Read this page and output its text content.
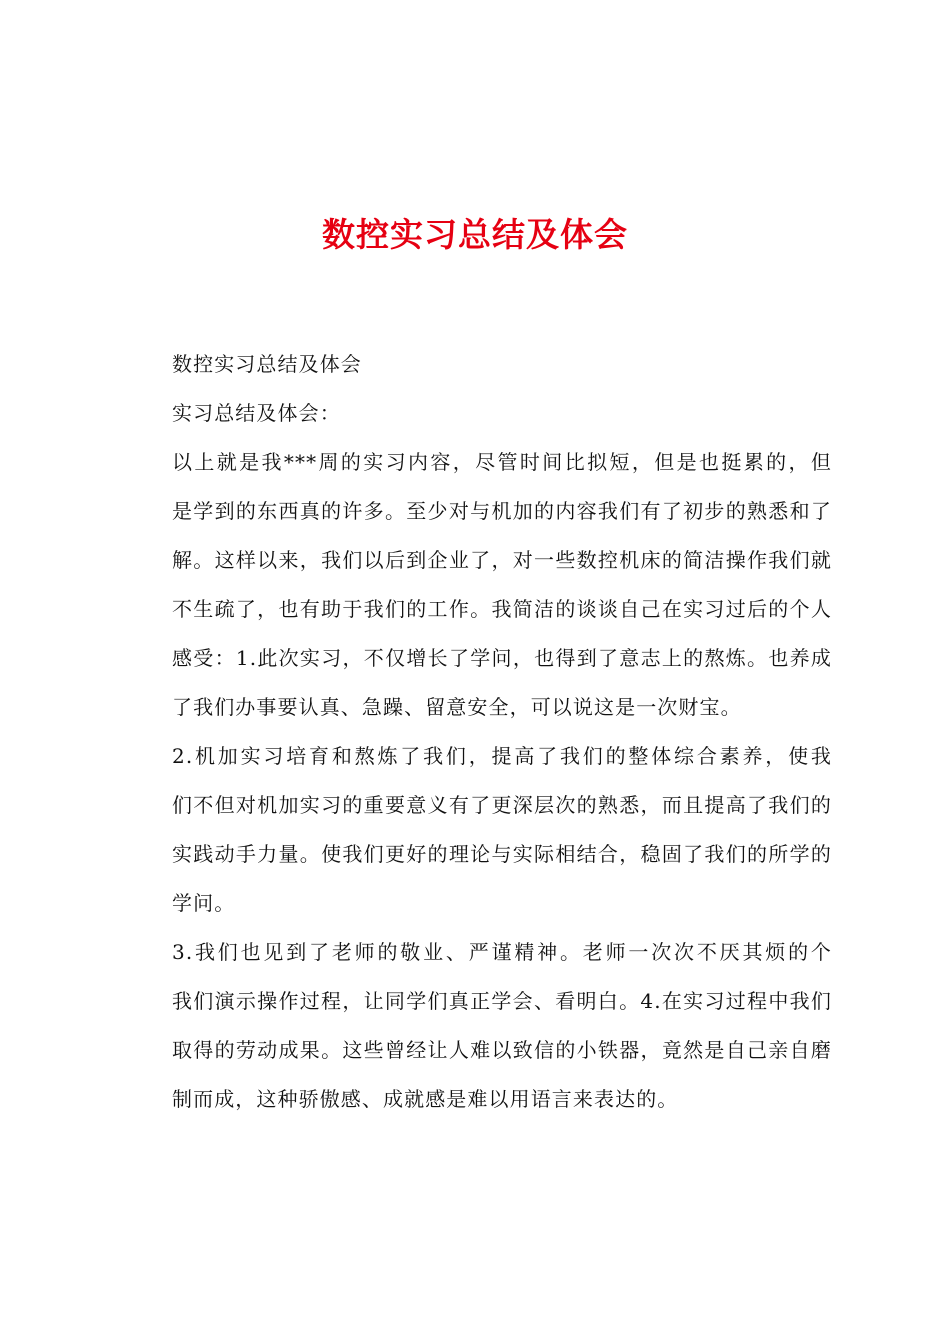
数控实习总结及体会

数控实习总结及体会

实习总结及体会：

以上就是我***周的实习内容，尽管时间比拟短，但是也挺累的，但
是学到的东西真的许多。至少对与机加的内容我们有了初步的熟悉和了
解。这样以来，我们以后到企业了，对一些数控机床的简洁操作我们就
不生疏了，也有助于我们的工作。我简洁的谈谈自己在实习过后的个人
感受：1.此次实习，不仅增长了学问，也得到了意志上的熬炼。也养成
了我们办事要认真、急躁、留意安全，可以说这是一次财宝。

2.机加实习培育和熬炼了我们，提高了我们的整体综合素养，使我
们不但对机加实习的重要意义有了更深层次的熟悉，而且提高了我们的
实践动手力量。使我们更好的理论与实际相结合，稳固了我们的所学的
学问。

3.我们也见到了老师的敬业、严谨精神。老师一次次不厌其烦的个
我们演示操作过程，让同学们真正学会、看明白。4.在实习过程中我们
取得的劳动成果。这些曾经让人难以致信的小铁器，竟然是自己亲自磨
制而成，这种骄傲感、成就感是难以用语言来表达的。
